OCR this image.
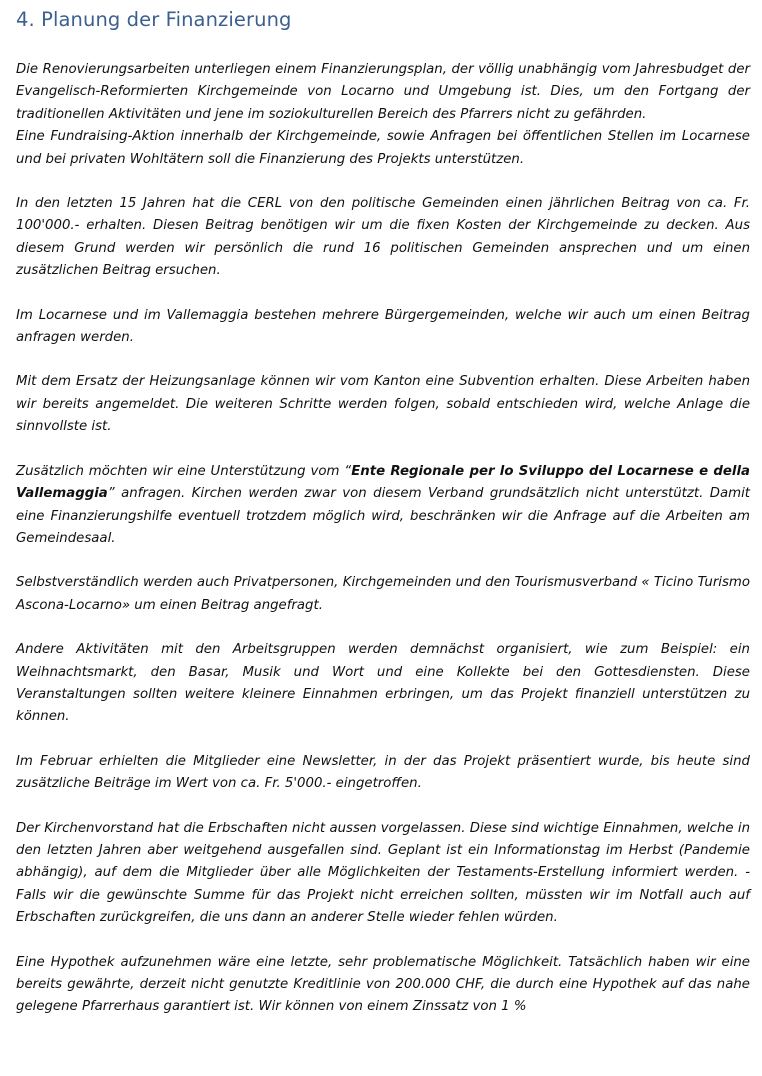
4. Planung der Finanzierung

Die Renovierungsarbeiten unterliegen einem Finanzierungsplan, der völlig unabhängig vom Jahresbudget der Evangelisch-Reformierten Kirchgemeinde von Locarno und Umgebung ist. Dies, um den Fortgang der traditionellen Aktivitäten und jene im soziokulturellen Bereich des Pfarrers nicht zu gefährden.
Eine Fundraising-Aktion innerhalb der Kirchgemeinde, sowie Anfragen bei öffentlichen Stellen im Locarnese und bei privaten Wohltätern soll die Finanzierung des Projekts unterstützen.

In den letzten 15 Jahren hat die CERL von den politische Gemeinden einen jährlichen Beitrag von ca. Fr. 100'000.- erhalten. Diesen Beitrag benötigen wir um die fixen Kosten der Kirchgemeinde zu decken. Aus diesem Grund werden wir persönlich die rund 16 politischen Gemeinden ansprechen und um einen zusätzlichen Beitrag ersuchen.

Im Locarnese und im Vallemaggia bestehen mehrere Bürgergemeinden, welche wir auch um einen Beitrag anfragen werden.

Mit dem Ersatz der Heizungsanlage können wir vom Kanton eine Subvention erhalten. Diese Arbeiten haben wir bereits angemeldet. Die weiteren Schritte werden folgen, sobald entschieden wird, welche Anlage die sinnvollste ist.

Zusätzlich möchten wir eine Unterstützung vom “Ente Regionale per lo Sviluppo del Locarnese e della Vallemaggia” anfragen. Kirchen werden zwar von diesem Verband grundsätzlich nicht unterstützt. Damit eine Finanzierungshilfe eventuell trotzdem möglich wird, beschränken wir die Anfrage auf die Arbeiten am Gemeindesaal.

Selbstverständlich werden auch Privatpersonen, Kirchgemeinden und den Tourismusverband « Ticino Turismo Ascona-Locarno» um einen Beitrag angefragt.

Andere Aktivitäten mit den Arbeitsgruppen werden demnächst organisiert, wie zum Beispiel: ein Weihnachtsmarkt, den Basar, Musik und Wort und eine Kollekte bei den Gottesdiensten. Diese Veranstaltungen sollten weitere kleinere Einnahmen erbringen, um das Projekt finanziell unterstützen zu können.

Im Februar erhielten die Mitglieder eine Newsletter, in der das Projekt präsentiert wurde, bis heute sind zusätzliche Beiträge im Wert von ca. Fr. 5'000.- eingetroffen.

Der Kirchenvorstand hat die Erbschaften nicht aussen vorgelassen. Diese sind wichtige Einnahmen, welche in den letzten Jahren aber weitgehend ausgefallen sind. Geplant ist ein Informationstag im Herbst (Pandemie abhängig), auf dem die Mitglieder über alle Möglichkeiten der Testaments-Erstellung informiert werden. - Falls wir die gewünschte Summe für das Projekt nicht erreichen sollten, müssten wir im Notfall auch auf Erbschaften zurückgreifen, die uns dann an anderer Stelle wieder fehlen würden.

Eine Hypothek aufzunehmen wäre eine letzte, sehr problematische Möglichkeit. Tatsächlich haben wir eine bereits gewährte, derzeit nicht genutzte Kreditlinie von 200.000 CHF, die durch eine Hypothek auf das nahe gelegene Pfarrerhaus garantiert ist. Wir können von einem Zinssatz von 1 %
